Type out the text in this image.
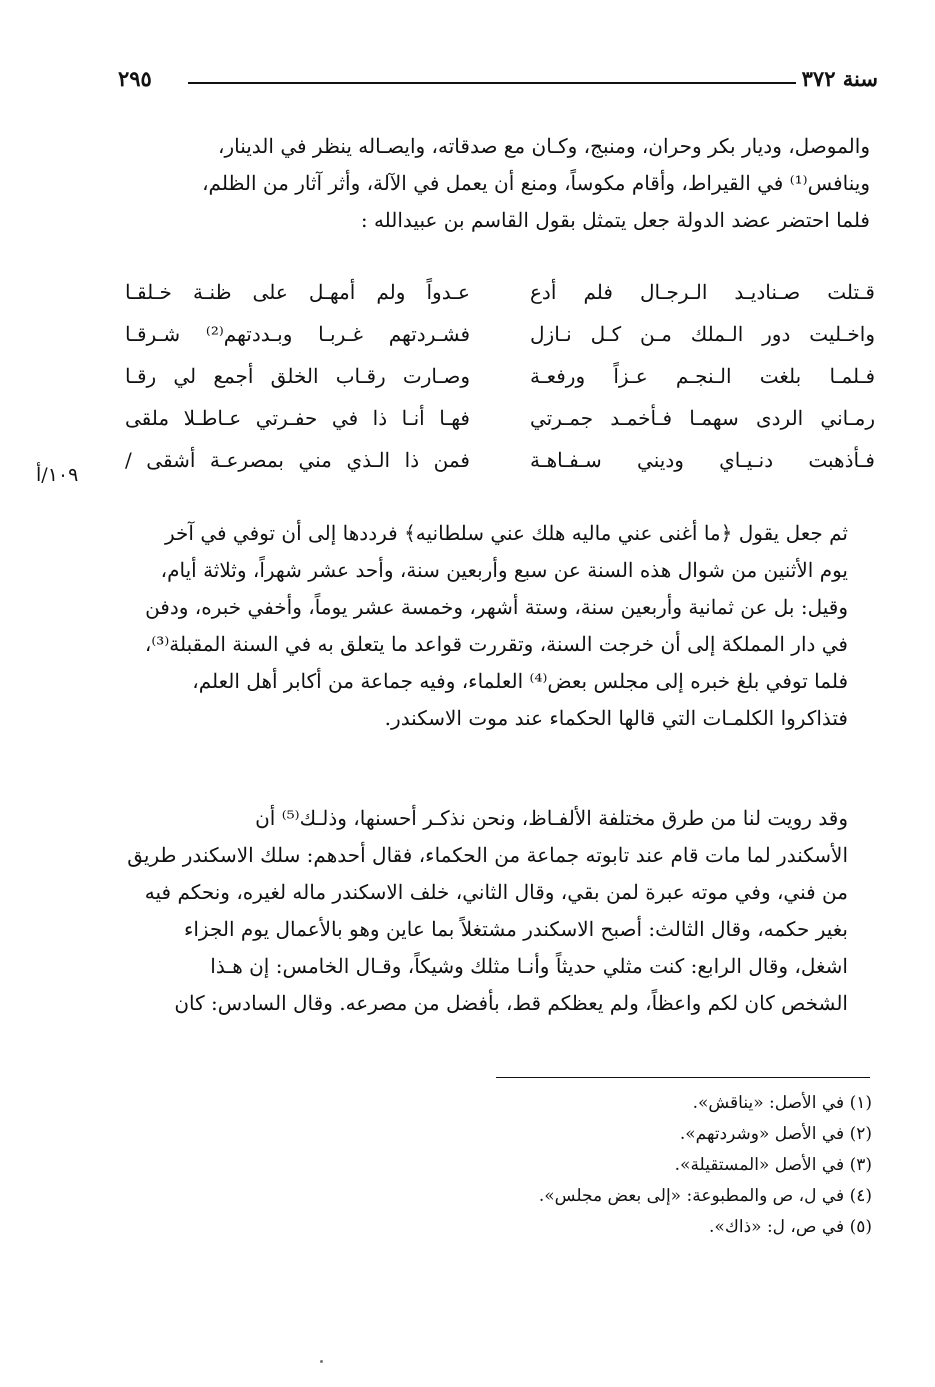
سنة ٣٧٢
٢٩٥

والموصل، وديار بكر وحران، ومنبج، وكـان مع صدقاته، وايصـاله ينظر في الدينار،

وينافس⁽¹⁾ في القيراط، وأقام مكوساً، ومنع أن يعمل في الآلة، وأثر آثار من الظلم،

فلما احتضر عضد الدولة جعل يتمثل بقول القاسم بن عبيدالله :

قـتلت صـناديـد الـرجـال فلم أدع
عـدواً ولم أمهـل على ظنـة خـلقـا
واخـليت دور الـملك مـن كـل نـازل
فشـردتهم غـربـا وبـددتهم⁽²⁾ شـرقـا
فـلمـا بلغت الـنجـم عـزاً ورفعـة
وصـارت رقـاب الخلق أجمع لي رقـا
رمـاني الردى سهمـا فـأخمـد جمـرتي
فهـا أنـا ذا في حفـرتي عـاطـلا ملقى
فـأذهبت دنـيـاي وديني سـفـاهـة
فمن ذا الـذي مني بمصرعـة أشقى /
١٠٩/أ

ثم جعل يقول ﴿ما أغنى عني ماليه هلك عني سلطانيه﴾ فرددها إلى أن توفي في آخر

يوم الأثنين من شوال هذه السنة عن سبع وأربعين سنة، وأحد عشر شهراً، وثلاثة أيام،

وقيل: بل عن ثمانية وأربعين سنة، وستة أشهر، وخمسة عشر يوماً، وأخفي خبره، ودفن

في دار المملكة إلى أن خرجت السنة، وتقررت قواعد ما يتعلق به في السنة المقبلة⁽³⁾،

فلما توفي بلغ خبره إلى مجلس بعض⁽⁴⁾ العلماء، وفيه جماعة من أكابر أهل العلم،

فتذاكروا الكلمـات التي قالها الحكماء عند موت الاسكندر.

وقد رويت لنا من طرق مختلفة الألفـاظ، ونحن نذكـر أحسنها، وذلـك⁽⁵⁾ أن

الأسكندر لما مات قام عند تابوته جماعة من الحكماء، فقال أحدهم: سلك الاسكندر طريق

من فني، وفي موته عبرة لمن بقي، وقال الثاني، خلف الاسكندر ماله لغيره، ونحكم فيه

بغير حكمه، وقال الثالث: أصبح الاسكندر مشتغلاً بما عاين وهو بالأعمال يوم الجزاء

اشغل، وقال الرابع: كنت مثلي حديثاً وأنـا مثلك وشيكاً، وقـال الخامس: إن هـذا

الشخص كان لكم واعظاً، ولم يعظكم قط، بأفضل من مصرعه. وقال السادس: كان

(١) في الأصل: «يناقش».
(٢) في الأصل «وشردتهم».
(٣) في الأصل «المستقيلة».
(٤) في ل، ص والمطبوعة: «إلى بعض مجلس».
(٥) في ص، ل: «ذاك».
